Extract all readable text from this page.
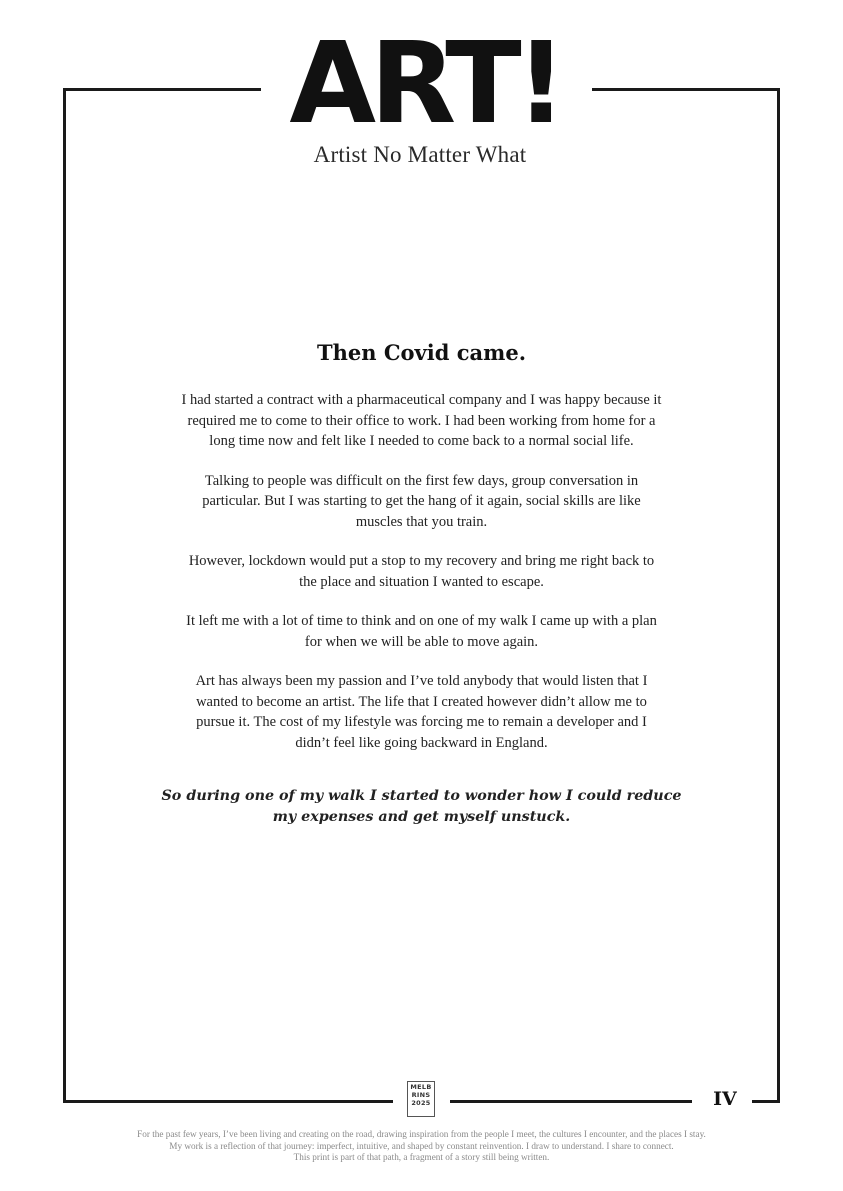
ART!
Artist No Matter What
Then Covid came.

I had started a contract with a pharmaceutical company and I was happy because it required me to come to their office to work. I had been working from home for a long time now and felt like I needed to come back to a normal social life.

Talking to people was difficult on the first few days, group conversation in particular. But I was starting to get the hang of it again, social skills are like muscles that you train.

However, lockdown would put a stop to my recovery and bring me right back to the place and situation I wanted to escape.

It left me with a lot of time to think and on one of my walk I came up with a plan for when we will be able to move again.

Art has always been my passion and I’ve told anybody that would listen that I wanted to become an artist. The life that I created however didn’t allow me to pursue it. The cost of my lifestyle was forcing me to remain a developer and I didn’t feel like going backward in England.

So during one of my walk I started to wonder how I could reduce my expenses and get myself unstuck.
MELB
RINS
2025	IV
For the past few years, I’ve been living and creating on the road, drawing inspiration from the people I meet, the cultures I encounter, and the places I stay.
My work is a reflection of that journey: imperfect, intuitive, and shaped by constant reinvention. I draw to understand. I share to connect.
This print is part of that path, a fragment of a story still being written.
